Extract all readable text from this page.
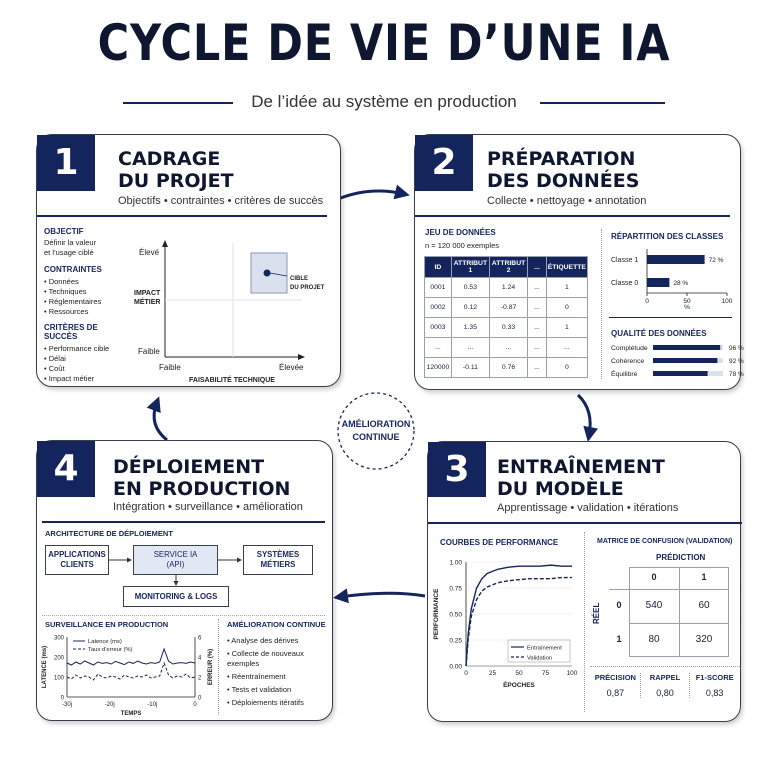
CYCLE DE VIE D’UNE IA
De l’idée au système en production
AMÉLIORATION
CONTINUE
1	CADRAGE
DU PROJET
Objectifs • contraintes • critères de succès
OBJECTIF
Définir la valeur
et l’usage ciblé
CONTRAINTES
• Données
• Techniques
• Réglementaires
• Ressources
CRITÈRES DE SUCCÈS
• Performance cible
• Délai
• Coût
• Impact métier
Élevé
Faible
IMPACT
MÉTIER
Faible	Élevée
FAISABILITÉ TECHNIQUE
CIBLE
DU PROJET
2	PRÉPARATION
DES DONNÉES
Collecte • nettoyage • annotation
JEU DE DONNÉES
n = 120 000 exemples
ID	ATTRIBUT 1	ATTRIBUT 2	...	ÉTIQUETTE
0001	0.53	1.24	...	1
0002	0.12	-0.87	...	0
0003	1.35	0.33	...	1
...	...	...	...	...
120000	-0.11	0.76	...	0
RÉPARTITION DES CLASSES
Classe 1	72 %
Classe 0	28 %
0	50	100
%
QUALITÉ DES DONNÉES
Complétude	96 %
Cohérence	92 %
Équilibre	78 %
3	ENTRAÎNEMENT
DU MODÈLE
Apprentissage • validation • itérations
COURBES DE PERFORMANCE
0.00
0.25
0.50
0.75
1.00
0	25	50	75	100
ÉPOCHES
PERFORMANCE
Entraînement
Validation
MATRICE DE CONFUSION (VALIDATION)
PRÉDICTION
RÉEL
0	1
0
1
540	60
80	320
PRÉCISION
0,87
RAPPEL
0,80
F1-SCORE
0,83
4	DÉPLOIEMENT
EN PRODUCTION
Intégration • surveillance • amélioration
ARCHITECTURE DE DÉPLOIEMENT
APPLICATIONS
CLIENTS
SERVICE IA
(API)
SYSTÈMES
MÉTIERS
MONITORING & LOGS
SURVEILLANCE EN PRODUCTION
0
100
200
300
0
2
4
6
-30j	-20j	-10j	0
TEMPS
LATENCE (ms)	ERREUR (%)
Latence (ms)
Taux d’erreur (%)
AMÉLIORATION CONTINUE
• Analyse des dérives
• Collecte de nouveaux exemples
• Réentraînement
• Tests et validation
• Déploiements itératifs
